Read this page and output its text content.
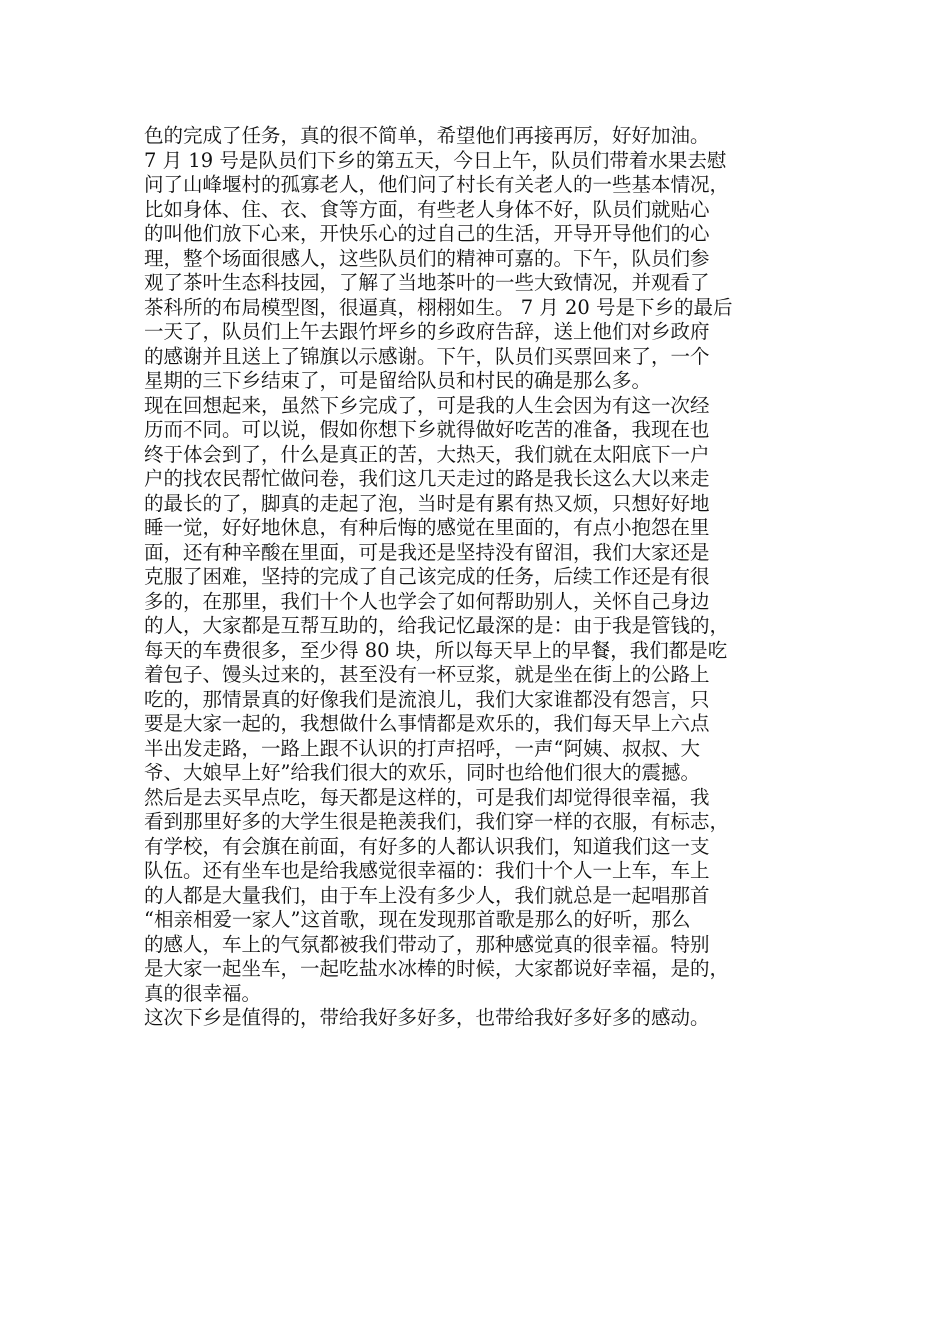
色的完成了任务，真的很不简单，希望他们再接再厉，好好加油。
7 月 19 号是队员们下乡的第五天，今日上午，队员们带着水果去慰
问了山峰堰村的孤寡老人，他们问了村长有关老人的一些基本情况，
比如身体、住、衣、食等方面，有些老人身体不好，队员们就贴心
的叫他们放下心来，开快乐心的过自己的生活，开导开导他们的心
理，整个场面很感人，这些队员们的精神可嘉的。下午，队员们参
观了茶叶生态科技园，了解了当地茶叶的一些大致情况，并观看了
茶科所的布局模型图，很逼真，栩栩如生。 7 月 20 号是下乡的最后
一天了，队员们上午去跟竹坪乡的乡政府告辞，送上他们对乡政府
的感谢并且送上了锦旗以示感谢。下午，队员们买票回来了，一个
星期的三下乡结束了，可是留给队员和村民的确是那么多。
现在回想起来，虽然下乡完成了，可是我的人生会因为有这一次经
历而不同。可以说，假如你想下乡就得做好吃苦的准备，我现在也
终于体会到了，什么是真正的苦，大热天，我们就在太阳底下一户
户的找农民帮忙做问卷，我们这几天走过的路是我长这么大以来走
的最长的了，脚真的走起了泡，当时是有累有热又烦，只想好好地
睡一觉，好好地休息，有种后悔的感觉在里面的，有点小抱怨在里
面，还有种辛酸在里面，可是我还是坚持没有留泪，我们大家还是
克服了困难，坚持的完成了自己该完成的任务，后续工作还是有很
多的，在那里，我们十个人也学会了如何帮助别人，关怀自己身边
的人，大家都是互帮互助的，给我记忆最深的是：由于我是管钱的，
每天的车费很多，至少得 80 块，所以每天早上的早餐，我们都是吃
着包子、馒头过来的，甚至没有一杯豆浆，就是坐在街上的公路上
吃的，那情景真的好像我们是流浪儿，我们大家谁都没有怨言，只
要是大家一起的，我想做什么事情都是欢乐的，我们每天早上六点
半出发走路，一路上跟不认识的打声招呼，一声“阿姨、叔叔、大
爷、大娘早上好”给我们很大的欢乐，同时也给他们很大的震撼。
然后是去买早点吃，每天都是这样的，可是我们却觉得很幸福，我
看到那里好多的大学生很是艳羡我们，我们穿一样的衣服，有标志，
有学校，有会旗在前面，有好多的人都认识我们，知道我们这一支
队伍。还有坐车也是给我感觉很幸福的：我们十个人一上车，车上
的人都是大量我们，由于车上没有多少人，我们就总是一起唱那首
“相亲相爱一家人”这首歌，现在发现那首歌是那么的好听，那么
的感人，车上的气氛都被我们带动了，那种感觉真的很幸福。特别
是大家一起坐车，一起吃盐水冰棒的时候，大家都说好幸福，是的，
真的很幸福。
这次下乡是值得的，带给我好多好多，也带给我好多好多的感动。
